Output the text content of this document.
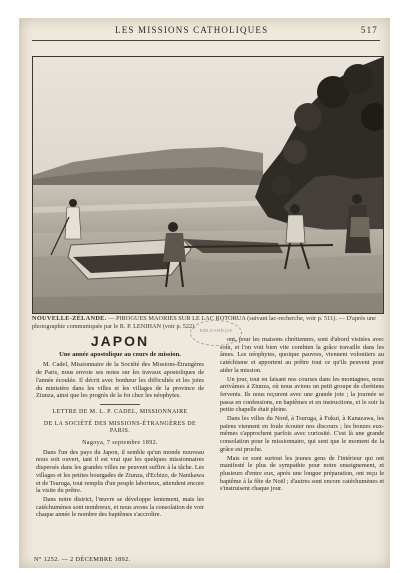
LES MISSIONS CATHOLIQUES	517
NOUVELLE-ZÉLANDE. — PIROGUES MAORIES SUR LE LAC ROTORUA (suivant lac-recherche, voir p. 511). — D'après une photographie communiquée par le R. P. LENIHAN (voir p. 522).
BIBLIOTHÈQUE
JAPON
Une année apostolique au cours de mission.

M. Cadel, Missionnaire de la Société des Missions-Étrangères de Paris, nous envoie ses notes sur les travaux apostoliques de l'année écoulée. Il décrit avec bonheur les difficultés et les joies du ministère dans les villes et les villages de la province de Ziunza, ainsi que les progrès de la foi chez les néophytes.

LETTRE DE M. L. P. CADEL, MISSIONNAIRE
DE LA SOCIÉTÉ DES MISSIONS-ÉTRANGÈRES DE PARIS.
Nagoya, 7 septembre 1892.

Dans l'un des pays du Japon, il semble qu'un monde nouveau nous soit ouvert, tant il est vrai que les quelques missionnaires dispersés dans les grandes villes ne peuvent suffire à la tâche. Les villages et les petites bourgades de Ziunza, d'Echizo, de Nanikawa et de Tsuruga, tout remplis d'un peuple laborieux, attendent encore la visite du prêtre.

Dans notre district, l'œuvre se développe lentement, mais les catéchumènes sont nombreux, et nous avons la consolation de voir chaque année le nombre des baptêmes s'accroître.

ont, pour les maisons chrétiennes, sont d'abord visitées avec soin, et l'on voit bien vite combien la grâce travaille dans les âmes. Les néophytes, quoique pauvres, viennent volontiers au catéchisme et apportent au prêtre tout ce qu'ils peuvent pour aider la mission.

Un jour, tout en faisant nos courses dans les montagnes, nous arrivâmes à Ziunza, où nous avions un petit groupe de chrétiens fervents. Ils nous reçurent avec une grande joie ; la journée se passa en confessions, en baptêmes et en instructions, et le soir la petite chapelle était pleine.

Dans les villes du Nord, à Tsuruga, à Fukui, à Kanazawa, les païens viennent en foule écouter nos discours ; les bonzes eux-mêmes s'approchent parfois avec curiosité. C'est là une grande consolation pour le missionnaire, qui sent que le moment de la grâce est proche.

Mais ce sont surtout les jeunes gens de l'intérieur qui ont manifesté le plus de sympathie pour notre enseignement, et plusieurs d'entre eux, après une longue préparation, ont reçu le baptême à la fête de Noël ; d'autres sont encore catéchumènes et s'instruisent chaque jour.

N° 1252. — 2 DÉCEMBRE 1892.
